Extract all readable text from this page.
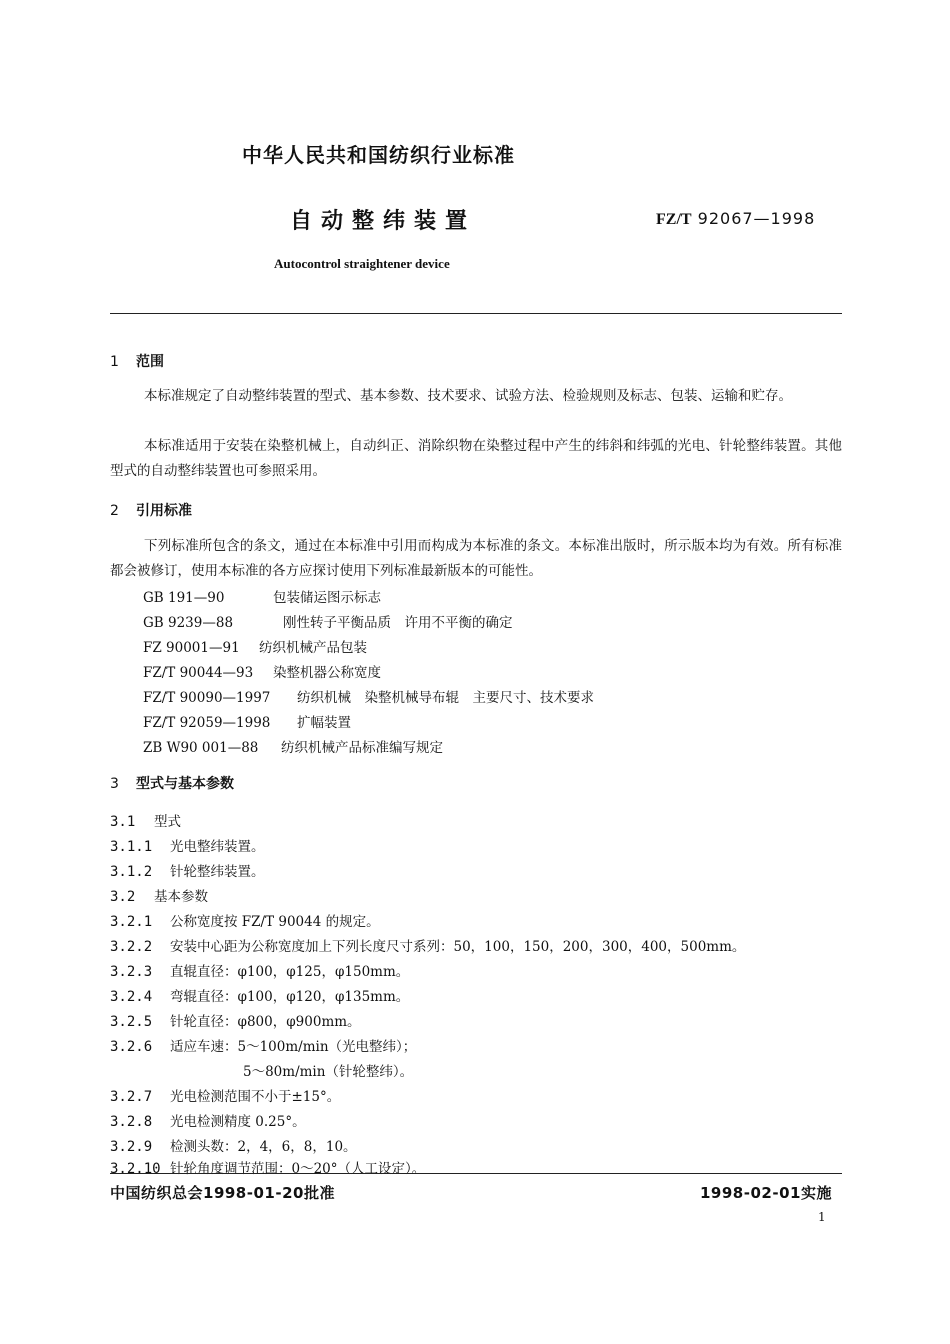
中华人民共和国纺织行业标准
自动整纬装置	FZ/T 92067—1998
Autocontrol straightener device
1 范围
本标准规定了自动整纬装置的型式、基本参数、技术要求、试验方法、检验规则及标志、包装、运输和贮存。
本标准适用于安装在染整机械上，自动纠正、消除织物在染整过程中产生的纬斜和纬弧的光电、针轮整纬装置。其他型式的自动整纬装置也可参照采用。
2 引用标准
下列标准所包含的条文，通过在本标准中引用而构成为本标准的条文。本标准出版时，所示版本均为有效。所有标准都会被修订，使用本标准的各方应探讨使用下列标准最新版本的可能性。
GB 191—90	包装储运图示标志
GB 9239—88	刚性转子平衡品质　许用不平衡的确定
FZ 90001—91 纺织机械产品包装
FZ/T 90044—93 染整机器公称宽度
FZ/T 90090—1997 纺织机械　染整机械导布辊　主要尺寸、技术要求
FZ/T 92059—1998 扩幅装置
ZB W90 001—88 纺织机械产品标准编写规定
3 型式与基本参数
3.1 型式
3.1.1 光电整纬装置。
3.1.2 针轮整纬装置。
3.2 基本参数
3.2.1 公称宽度按 FZ/T 90044 的规定。
3.2.2 安装中心距为公称宽度加上下列长度尺寸系列：50，100，150，200，300，400，500mm。
3.2.3 直辊直径：φ100，φ125，φ150mm。
3.2.4 弯辊直径：φ100，φ120，φ135mm。
3.2.5 针轮直径：φ800，φ900mm。
3.2.6 适应车速：5～100m/min（光电整纬）；
5～80m/min（针轮整纬）。
3.2.7 光电检测范围不小于±15°。
3.2.8 光电检测精度 0.25°。
3.2.9 检测头数：2，4，6，8，10。
3.2.10 针轮角度调节范围：0～20°（人工设定）。
中国纺织总会1998-01-20批准	1998-02-01实施
1
